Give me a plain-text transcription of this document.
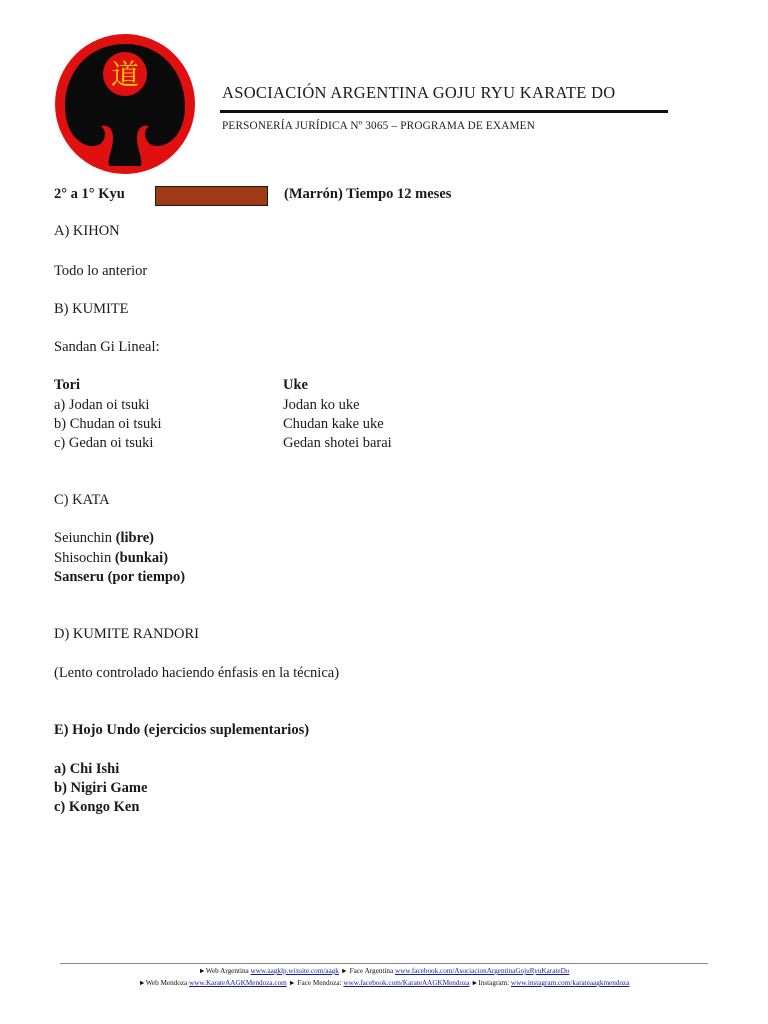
道
ASOCIACIÓN ARGENTINA GOJU RYU KARATE DO
PERSONERÍA JURÍDICA Nº 3065 – PROGRAMA DE EXAMEN
2° a 1° Kyu	(Marrón) Tiempo 12 meses
A) KIHON
Todo lo anterior
B) KUMITE
Sandan Gi Lineal:
Tori	Uke
a) Jodan oi tsuki	Jodan ko uke
b) Chudan oi tsuki	Chudan kake uke
c) Gedan oi tsuki	Gedan shotei barai
C) KATA
Seiunchin (libre)
Shisochin (bunkai)
Sanseru (por tiempo)
D) KUMITE RANDORI
(Lento controlado haciendo énfasis en la técnica)
E) Hojo Undo (ejercicios suplementarios)
a) Chi Ishi
b) Nigiri Game
c) Kongo Ken
►Web Argentina www.aagklp.wixsite.com/aagk ► Face Argentina www.facebook.com/AsociacionArgentinaGojuRyuKarateDo
►Web Mendoza www.KarateAAGKMendoza.com ► Face Mendoza: www.facebook.com/KarateAAGKMendoza ►Instagram: www.instagram.com/karateaagkmendoza
